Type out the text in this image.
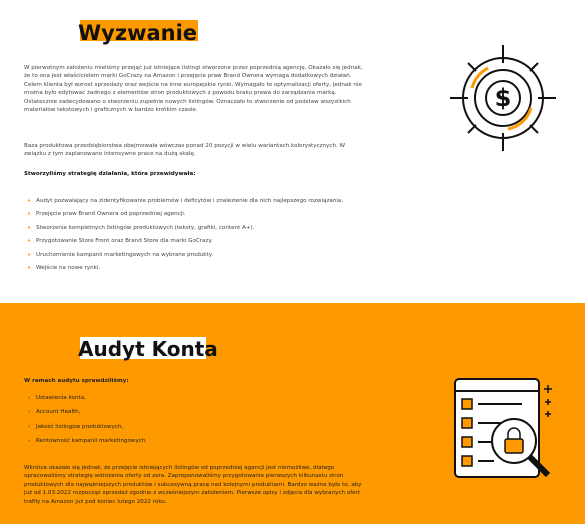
Wyzwanie
W pierwotnym założeniu mieliśmy przejąć już istniejące listingi stworzone przez poprzednią agencję. Okazało się jednak, że to ona jest właścicielem marki GoCrazy na Amazon i przejęcie praw Brand Ownera wymaga dodatkowych działań. Celem klienta był wzrost sprzedaży oraz wejście na inne europejskie rynki. Wymagało to optymalizacji oferty, jednak nie można było edytować żadnego z elementów stron produktowych z powodu braku prawa do zarządzania marką. Ostatecznie zadecydowano o stworzeniu zupełnie nowych listingów. Oznaczało to stworzenie od podstaw wszystkich materiałów tekstowych i graficznych w bardzo krótkim czasie.
Baza produktowa przedsiębiorstwa obejmowała wówczas ponad 20 pozycji w wielu wariantach kolorystycznych. W związku z tym zaplanowano intensywne prace na dużą skalę.
Stworzyliśmy strategię działania, która przewidywała:
• Audyt pozwalający na zidentyfikowanie problemów i deficytów i znalezienie dla nich najlepszego rozwiązania.
• Przejęcie praw Brand Ownera od poprzedniej agencji.
• Stworzenie kompletnych listingów produktowych (teksty, grafiki, content A+).
• Przygotowanie Store Front oraz Brand Store dla marki GoCrazy.
• Uruchomienie kampanii marketingowych na wybrane produkty.
• Wejście na nowe rynki.
$
Audyt Konta
W ramach audytu sprawdziliśmy:
• Ustawienia konta,
• Account Health,
• Jakość listingów produktowych,
• Rentowność kampanii marketingowych.
Wkrótce okazało się jednak, że przejęcie istniejących listingów od poprzedniej agencji jest niemożliwe, dlatego opracowaliśmy strategię wdrożenia oferty od zera. Zaproponowaliśmy przygotowanie pierwszych kilkunastu stron produktowych dla najważniejszych produktów i sukcesywną pracę nad kolejnymi produktami. Bardzo ważne było to, aby już od 1.03.2022 rozpocząć sprzedaż zgodnie z wcześniejszym założeniem. Pierwsze opisy i zdjęcia dla wybranych ofert trafiły na Amazon już pod koniec lutego 2022 roku.
